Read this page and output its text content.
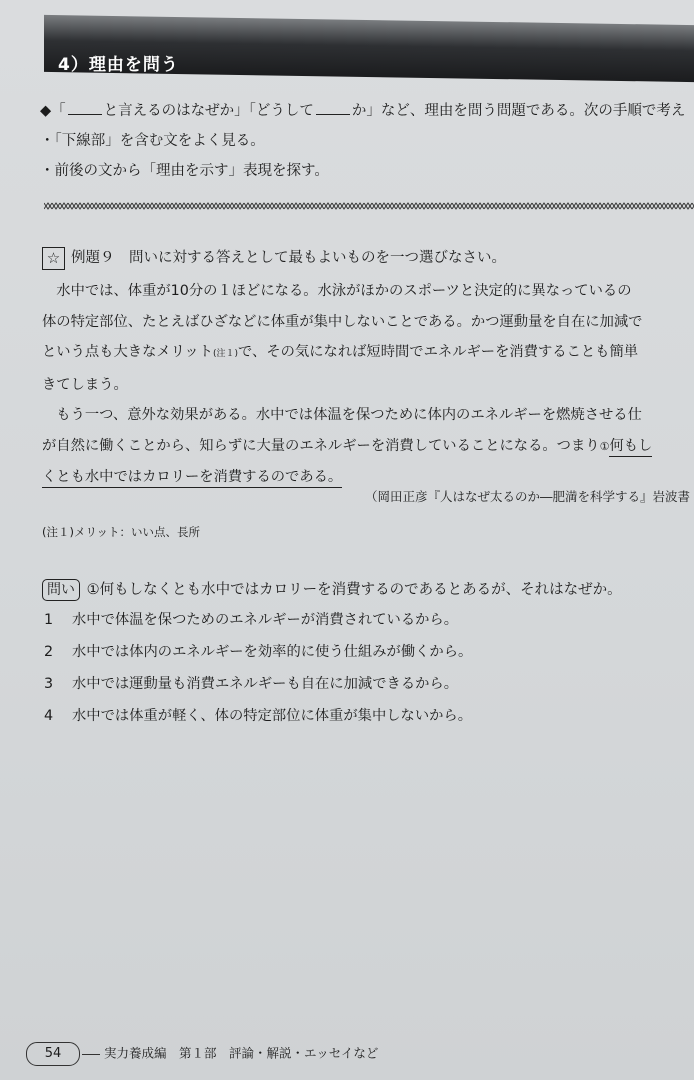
4）理由を問う
◆「	と言えるのはなぜか」「どうして	か」など、理由を問う問題である。次の手順で考え
・「下線部」を含む文をよく見る。
・前後の文から「理由を示す」表現を探す。
☆ 例題９　問いに対する答えとして最もよいものを一つ選びなさい。
　水中では、体重が10分の１ほどになる。水泳がほかのスポーツと決定的に異なっているの
体の特定部位、たとえばひざなどに体重が集中しないことである。かつ運動量を自在に加減で
という点も大きなメリット(注１)で、その気になれば短時間でエネルギーを消費することも簡単
きてしまう。
　もう一つ、意外な効果がある。水中では体温を保つために体内のエネルギーを燃焼させる仕
が自然に働くことから、知らずに大量のエネルギーを消費していることになる。つまり①何もし
くとも水中ではカロリーを消費するのである。
（岡田正彦『人はなぜ太るのか―肥満を科学する』岩波書
(注１)メリット：いい点、長所
問い ①何もしなくとも水中ではカロリーを消費するのであるとあるが、それはなぜか。
1 水中で体温を保つためのエネルギーが消費されているから。
2 水中では体内のエネルギーを効率的に使う仕組みが働くから。
3 水中では運動量も消費エネルギーも自在に加減できるから。
4 水中では体重が軽く、体の特定部位に体重が集中しないから。
54	実力養成編　第１部　評論・解説・エッセイなど
